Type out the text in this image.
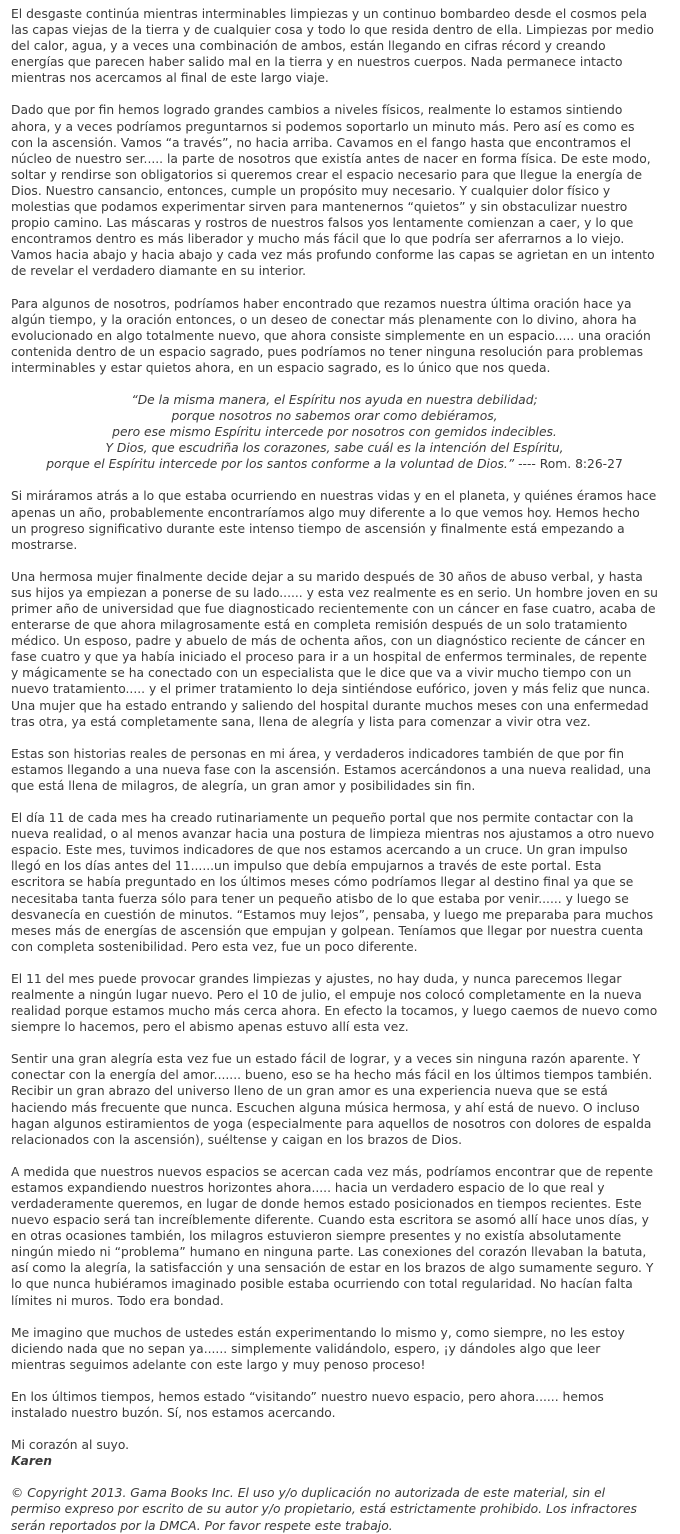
El desgaste continúa mientras interminables limpiezas y un continuo bombardeo desde el cosmos pela las capas viejas de la tierra y de cualquier cosa y todo lo que resida dentro de ella. Limpiezas por medio del calor, agua, y a veces una combinación de ambos, están llegando en cifras récord y creando energías que parecen haber salido mal en la tierra y en nuestros cuerpos. Nada permanece intacto mientras nos acercamos al final de este largo viaje.

Dado que por fin hemos logrado grandes cambios a niveles físicos, realmente lo estamos sintiendo ahora, y a veces podríamos preguntarnos si podemos soportarlo un minuto más. Pero así es como es con la ascensión. Vamos “a través”, no hacia arriba. Cavamos en el fango hasta que encontramos el núcleo de nuestro ser..... la parte de nosotros que existía antes de nacer en forma física. De este modo, soltar y rendirse son obligatorios si queremos crear el espacio necesario para que llegue la energía de Dios. Nuestro cansancio, entonces, cumple un propósito muy necesario. Y cualquier dolor físico y molestias que podamos experimentar sirven para mantenernos “quietos” y sin obstaculizar nuestro propio camino. Las máscaras y rostros de nuestros falsos yos lentamente comienzan a caer, y lo que encontramos dentro es más liberador y mucho más fácil que lo que podría ser aferrarnos a lo viejo. Vamos hacia abajo y hacia abajo y cada vez más profundo conforme las capas se agrietan en un intento de revelar el verdadero diamante en su interior.

Para algunos de nosotros, podríamos haber encontrado que rezamos nuestra última oración hace ya algún tiempo, y la oración entonces, o un deseo de conectar más plenamente con lo divino, ahora ha evolucionado en algo totalmente nuevo, que ahora consiste simplemente en un espacio..... una oración contenida dentro de un espacio sagrado, pues podríamos no tener ninguna resolución para problemas interminables y estar quietos ahora, en un espacio sagrado, es lo único que nos queda.

“De la misma manera, el Espíritu nos ayuda en nuestra debilidad;
porque nosotros no sabemos orar como debiéramos,
pero ese mismo Espíritu intercede por nosotros con gemidos indecibles.
Y Dios, que escudriña los corazones, sabe cuál es la intención del Espíritu,
porque el Espíritu intercede por los santos conforme a la voluntad de Dios.” ---- Rom. 8:26-27

Si miráramos atrás a lo que estaba ocurriendo en nuestras vidas y en el planeta, y quiénes éramos hace apenas un año, probablemente encontraríamos algo muy diferente a lo que vemos hoy. Hemos hecho un progreso significativo durante este intenso tiempo de ascensión y finalmente está empezando a mostrarse.

Una hermosa mujer finalmente decide dejar a su marido después de 30 años de abuso verbal, y hasta sus hijos ya empiezan a ponerse de su lado...... y esta vez realmente es en serio. Un hombre joven en su primer año de universidad que fue diagnosticado recientemente con un cáncer en fase cuatro, acaba de enterarse de que ahora milagrosamente está en completa remisión después de un solo tratamiento médico. Un esposo, padre y abuelo de más de ochenta años, con un diagnóstico reciente de cáncer en fase cuatro y que ya había iniciado el proceso para ir a un hospital de enfermos terminales, de repente y mágicamente se ha conectado con un especialista que le dice que va a vivir mucho tiempo con un nuevo tratamiento..... y el primer tratamiento lo deja sintiéndose eufórico, joven y más feliz que nunca. Una mujer que ha estado entrando y saliendo del hospital durante muchos meses con una enfermedad tras otra, ya está completamente sana, llena de alegría y lista para comenzar a vivir otra vez.

Estas son historias reales de personas en mi área, y verdaderos indicadores también de que por fin estamos llegando a una nueva fase con la ascensión. Estamos acercándonos a una nueva realidad, una que está llena de milagros, de alegría, un gran amor y posibilidades sin fin.

El día 11 de cada mes ha creado rutinariamente un pequeño portal que nos permite contactar con la nueva realidad, o al menos avanzar hacia una postura de limpieza mientras nos ajustamos a otro nuevo espacio. Este mes, tuvimos indicadores de que nos estamos acercando a un cruce. Un gran impulso llegó en los días antes del 11......un impulso que debía empujarnos a través de este portal. Esta escritora se había preguntado en los últimos meses cómo podríamos llegar al destino final ya que se necesitaba tanta fuerza sólo para tener un pequeño atisbo de lo que estaba por venir...... y luego se desvanecía en cuestión de minutos. “Estamos muy lejos”, pensaba, y luego me preparaba para muchos meses más de energías de ascensión que empujan y golpean. Teníamos que llegar por nuestra cuenta con completa sostenibilidad. Pero esta vez, fue un poco diferente.

El 11 del mes puede provocar grandes limpiezas y ajustes, no hay duda, y nunca parecemos llegar realmente a ningún lugar nuevo. Pero el 10 de julio, el empuje nos colocó completamente en la nueva realidad porque estamos mucho más cerca ahora. En efecto la tocamos, y luego caemos de nuevo como siempre lo hacemos, pero el abismo apenas estuvo allí esta vez.

Sentir una gran alegría esta vez fue un estado fácil de lograr, y a veces sin ninguna razón aparente. Y conectar con la energía del amor....... bueno, eso se ha hecho más fácil en los últimos tiempos también. Recibir un gran abrazo del universo lleno de un gran amor es una experiencia nueva que se está haciendo más frecuente que nunca. Escuchen alguna música hermosa, y ahí está de nuevo. O incluso hagan algunos estiramientos de yoga (especialmente para aquellos de nosotros con dolores de espalda relacionados con la ascensión), suéltense y caigan en los brazos de Dios.

A medida que nuestros nuevos espacios se acercan cada vez más, podríamos encontrar que de repente estamos expandiendo nuestros horizontes ahora..... hacia un verdadero espacio de lo que real y verdaderamente queremos, en lugar de donde hemos estado posicionados en tiempos recientes. Este nuevo espacio será tan increíblemente diferente. Cuando esta escritora se asomó allí hace unos días, y en otras ocasiones también, los milagros estuvieron siempre presentes y no existía absolutamente ningún miedo ni “problema” humano en ninguna parte. Las conexiones del corazón llevaban la batuta, así como la alegría, la satisfacción y una sensación de estar en los brazos de algo sumamente seguro. Y lo que nunca hubiéramos imaginado posible estaba ocurriendo con total regularidad. No hacían falta límites ni muros. Todo era bondad.

Me imagino que muchos de ustedes están experimentando lo mismo y, como siempre, no les estoy diciendo nada que no sepan ya...... simplemente validándolo, espero, ¡y dándoles algo que leer mientras seguimos adelante con este largo y muy penoso proceso!

En los últimos tiempos, hemos estado “visitando” nuestro nuevo espacio, pero ahora...... hemos instalado nuestro buzón. Sí, nos estamos acercando.

Mi corazón al suyo.
Karen

© Copyright 2013. Gama Books Inc. El uso y/o duplicación no autorizada de este material, sin el permiso expreso por escrito de su autor y/o propietario, está estrictamente prohibido. Los infractores serán reportados por la DMCA. Por favor respete este trabajo.
